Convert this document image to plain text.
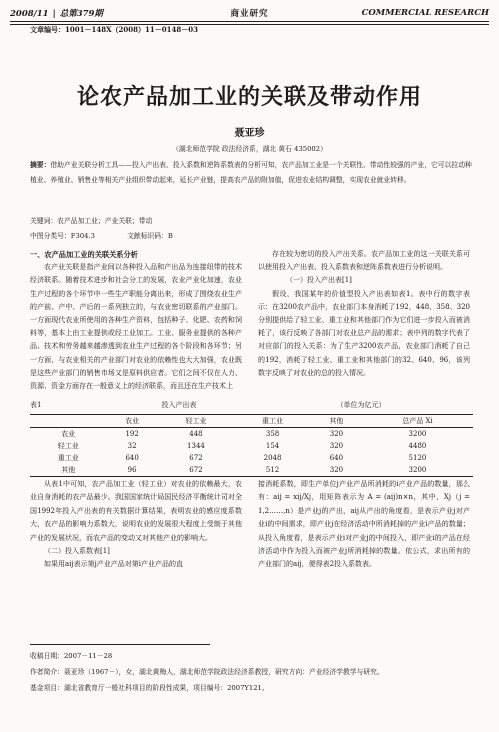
2008/11 | 总第379期	商业研究	COMMERCIAL RESEARCH
文章编号：1001－148X（2008）11－0148－03
论农产品加工业的关联及带动作用
聂亚珍
（湖北师范学院 政法经济系，湖北 黄石 435002）
摘要：借助产业关联分析工具——投入产出表、投入系数和逆阵系数表的分析可知，农产品加工业是一个关联性、带动性较强的产业，它可以拉动种植业、养殖业、销售业等相关产业组织带动起来，延长产业链，提高农产品的附加值，促进农业结构调整，实现农业就业转移。
关键词：农产品加工业；产业关联；带动
中图分类号：F304.3	文献标识码：B
一、农产品加工业的关联关系分析

农产业关联是指产业间以各种投入品和产出品为连接纽带的技术经济联系。随着技术进步和社会分工的发展，农业产业化加速，农业生产过程的各个环节中一些生产职能分离出来，形成了围绕农业生产的产前、产中、产后的一系列独立的，与农业密切联系的产业部门。一方面现代农业所使用的各种生产资料，包括种子、化肥、农药和饲料等，基本上由工业提供或经工业加工。工业、服务业提供的各种产品、技术和劳务越来越渗透到农业生产过程的各个阶段和各环节；另一方面，与农业相关的产业部门对农业的依赖性也大大加强，农业既是这些产业部门的销售市场又是原料供应者。它们之间不仅在人力、资源、资金方面存在一般意义上的经济联系，而且还在生产技术上

存在较为密切的投入产出关系。农产品加工业的这一关联关系可以使用投入产出表、投入系数表和逆阵系数表进行分析说明。

（一）投入产出表[1]

假设，我国某年的价值型投入产出表如表1。表中行的数字表示：在3200农产品中，农业部门本身消耗了192，448、358、320分别提供给了轻工业、重工业和其他部门作为它们进一步投入而被消耗了，该行反映了各部门对农业总产品的需求；表中列的数字代表了对应部门的投入关系：为了生产3200农产品，农业部门消耗了自己的192，消耗了轻工业、重工业和其他部门的32、640、96，该列数字反映了对农业的总的投入情况。

表1	投入产出表	（单位为亿元）
	农业	轻工业	重工业	其他	总产品 Xi
农业	192	448	358	320	3200
轻工业	32	1344	154	320	4480
重工业	640	672	2048	640	5120
其他	96	672	512	320	3200

从表1中可知，农产品加工业（轻工业）对农业的依赖最大，农业自身消耗的农产品最少。我国国家统计局国民经济平衡统计司对全国1992年投入产出表的有关数据计算结果，表明农业的感应度系数大，农产品的影响力系数大，说明农业的发展很大程度上受制于其他产业的发展状况，而农产品的变动又对其他产业的影响大。

（二）投入系数表[1]

如果用aij表示第j产业产品对第i产业产品的直

接消耗系数，即生产单位j产业产品所消耗的i产业产品的数量，那么有：aij = xij/Xj，用矩阵表示为 A = (aij)n×n，其中，Xj（j = 1,2……,n）是产业j的产出，aij从产出的角度看，是表示产业j对产业i的中间需求，即产业j在经济活动中所消耗掉的产业i产品的数量；从投入角度看，是表示产业i对产业j的中间投入，即产业i的产品在经济活动中作为投入而被产业j所消耗掉的数量。依公式，求出所有的产业部门的aij，便得表2投入系数表。

收稿日期：2007－11－28
作者简介：聂亚珍（1967－），女，湖北黄梅人，湖北师范学院政法经济系教授，研究方向：产业经济学教学与研究。
基金项目：湖北省教育厅一般社科项目的阶段性成果，项目编号：2007Y121。
